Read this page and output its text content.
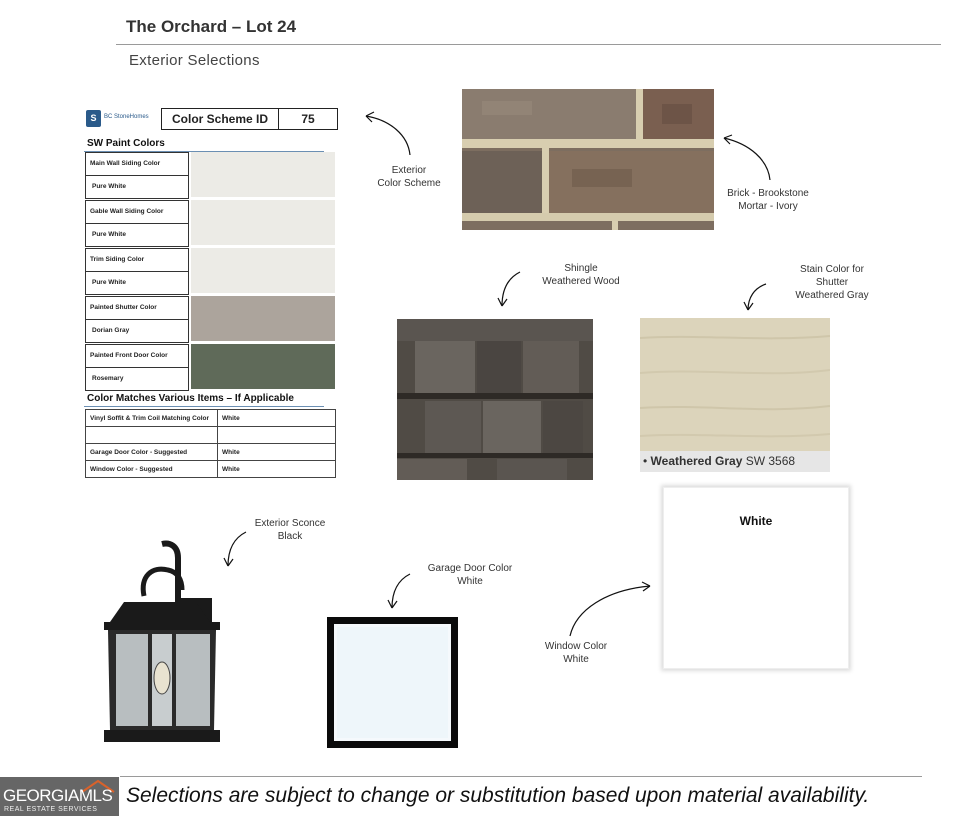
The Orchard – Lot 24
Exterior Selections
S	BC StoneHomes	Color Scheme ID	75
SW Paint Colors
Main Wall Siding Color
Pure White
Gable Wall Siding Color
Pure White
Trim Siding Color
Pure White
Painted Shutter Color
Dorian Gray
Painted Front Door Color
Rosemary
Color Matches Various Items – If Applicable
Vinyl Soffit & Trim Coil Matching Color	White

Garage Door Color - Suggested	White
Window Color - Suggested	White
Exterior
Color Scheme
Brick - Brookstone
Mortar - Ivory
Shingle
Weathered Wood
Stain Color for
Shutter
Weathered Gray
• Weathered Gray SW 3568
White
Exterior Sconce
Black
Garage Door Color
White
Window Color
White
GEORGIAMLS
REAL ESTATE SERVICES
Selections are subject to change or substitution based upon material availability.
